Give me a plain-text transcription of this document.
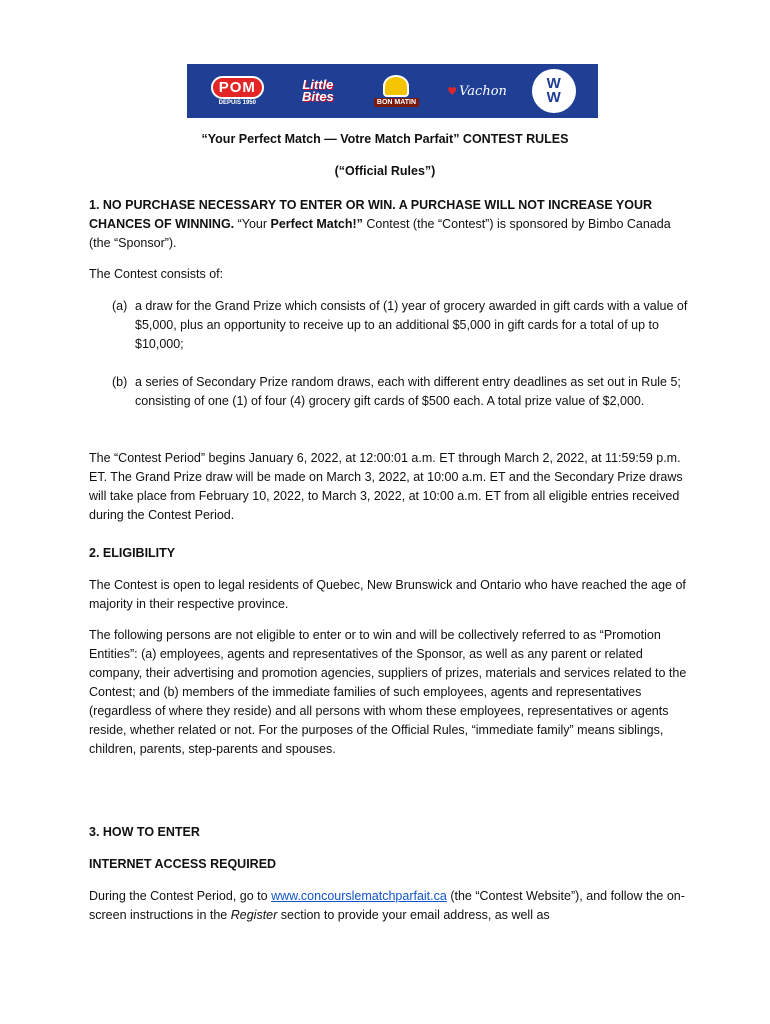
POM
DEPUIS 1950
Little
Bites	BON MATIN
♥ Vachon	W
W
“Your Perfect Match — Votre Match Parfait” CONTEST RULES
(“Official Rules”)

1. NO PURCHASE NECESSARY TO ENTER OR WIN. A PURCHASE WILL NOT INCREASE YOUR CHANCES OF WINNING. “Your Perfect Match!” Contest (the “Contest”) is sponsored by Bimbo Canada (the “Sponsor”).

The Contest consists of:

(a) a draw for the Grand Prize which consists of (1) year of grocery awarded in gift cards with a value of $5,000, plus an opportunity to receive up to an additional $5,000 in gift cards for a total of up to $10,000;
(b) a series of Secondary Prize random draws, each with different entry deadlines as set out in Rule 5; consisting of one (1) of four (4) grocery gift cards of $500 each. A total prize value of $2,000.

The “Contest Period” begins January 6, 2022, at 12:00:01 a.m. ET through March 2, 2022, at 11:59:59 p.m. ET. The Grand Prize draw will be made on March 3, 2022, at 10:00 a.m. ET and the Secondary Prize draws will take place from February 10, 2022, to March 3, 2022, at 10:00 a.m. ET from all eligible entries received during the Contest Period.

2. ELIGIBILITY

The Contest is open to legal residents of Quebec, New Brunswick and Ontario who have reached the age of majority in their respective province.

The following persons are not eligible to enter or to win and will be collectively referred to as “Promotion Entities”: (a) employees, agents and representatives of the Sponsor, as well as any parent or related company, their advertising and promotion agencies, suppliers of prizes, materials and services related to the Contest; and (b) members of the immediate families of such employees, agents and representatives (regardless of where they reside) and all persons with whom these employees, representatives or agents reside, whether related or not. For the purposes of the Official Rules, “immediate family” means siblings, children, parents, step-parents and spouses.

3. HOW TO ENTER

INTERNET ACCESS REQUIRED

During the Contest Period, go to www.concourslematchparfait.ca (the “Contest Website”), and follow the on-screen instructions in the Register section to provide your email address, as well as
